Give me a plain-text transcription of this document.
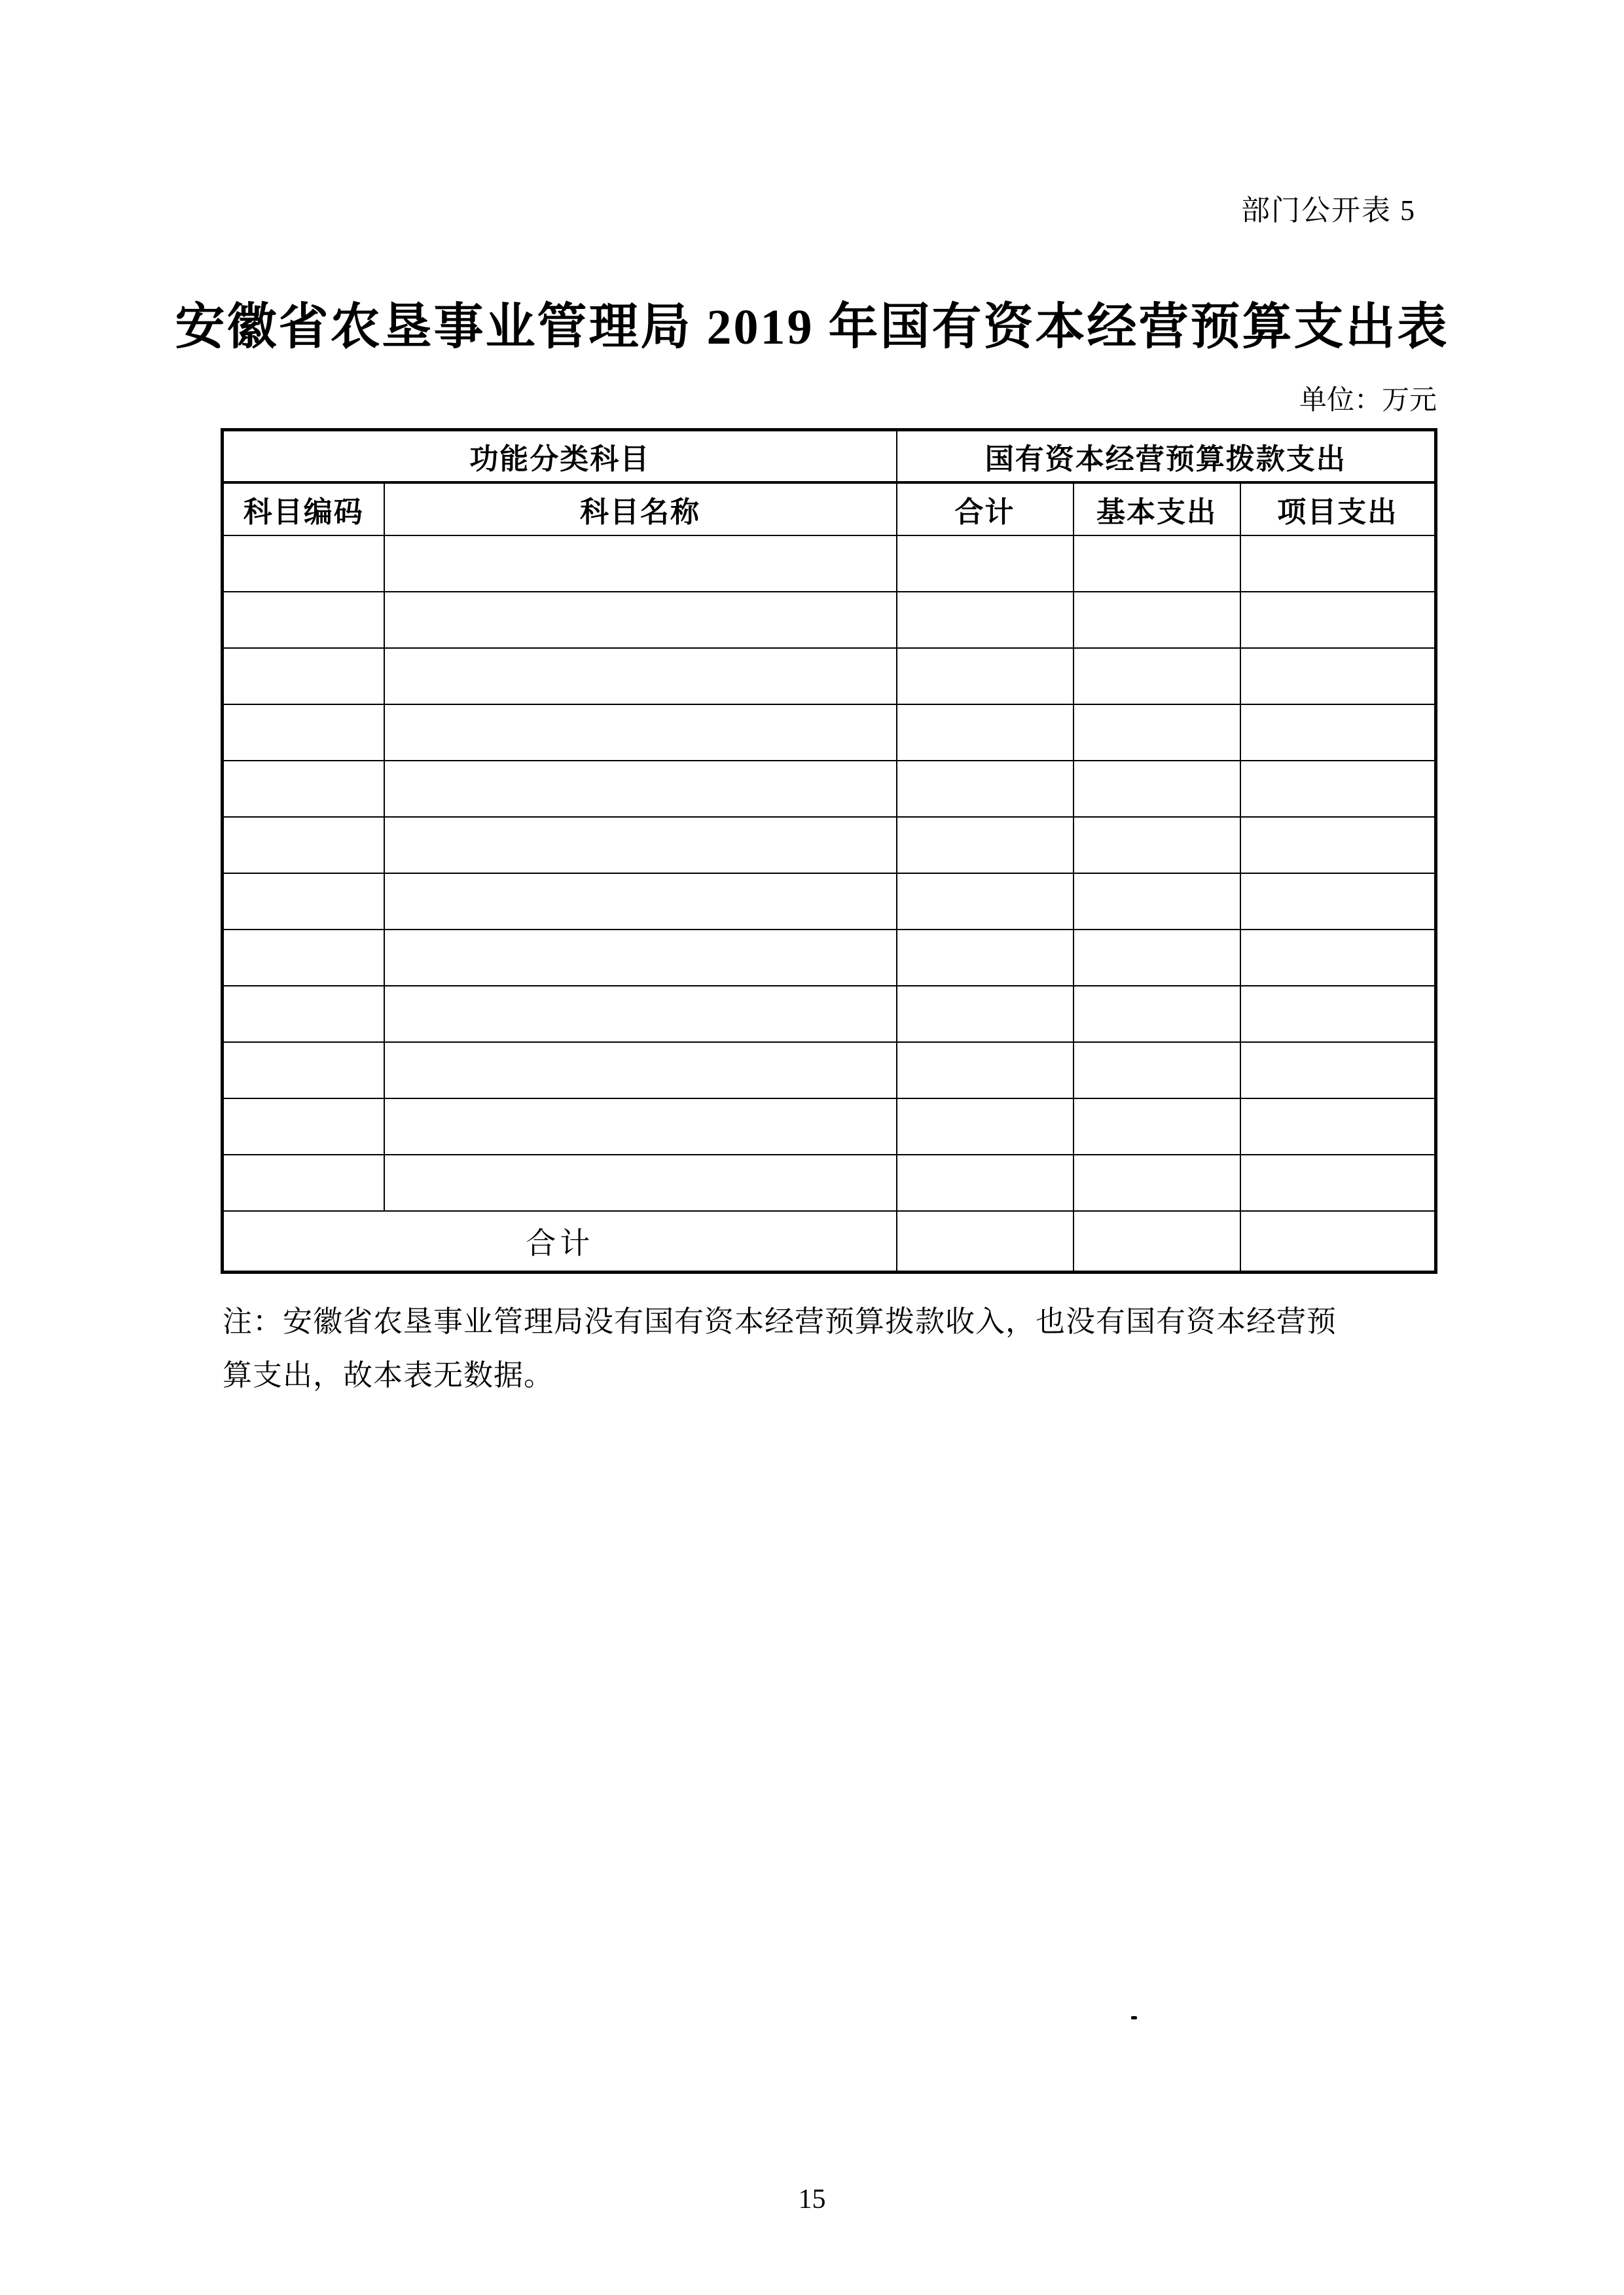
部门公开表 5
安徽省农垦事业管理局 2019 年国有资本经营预算支出表
单位：万元
功能分类科目		国有资本经营预算拨款支出		
科目编码	科目名称	合计	基本支出	项目支出

合计				
注：安徽省农垦事业管理局没有国有资本经营预算拨款收入，也没有国有资本经营预
算支出，故本表无数据。
15
